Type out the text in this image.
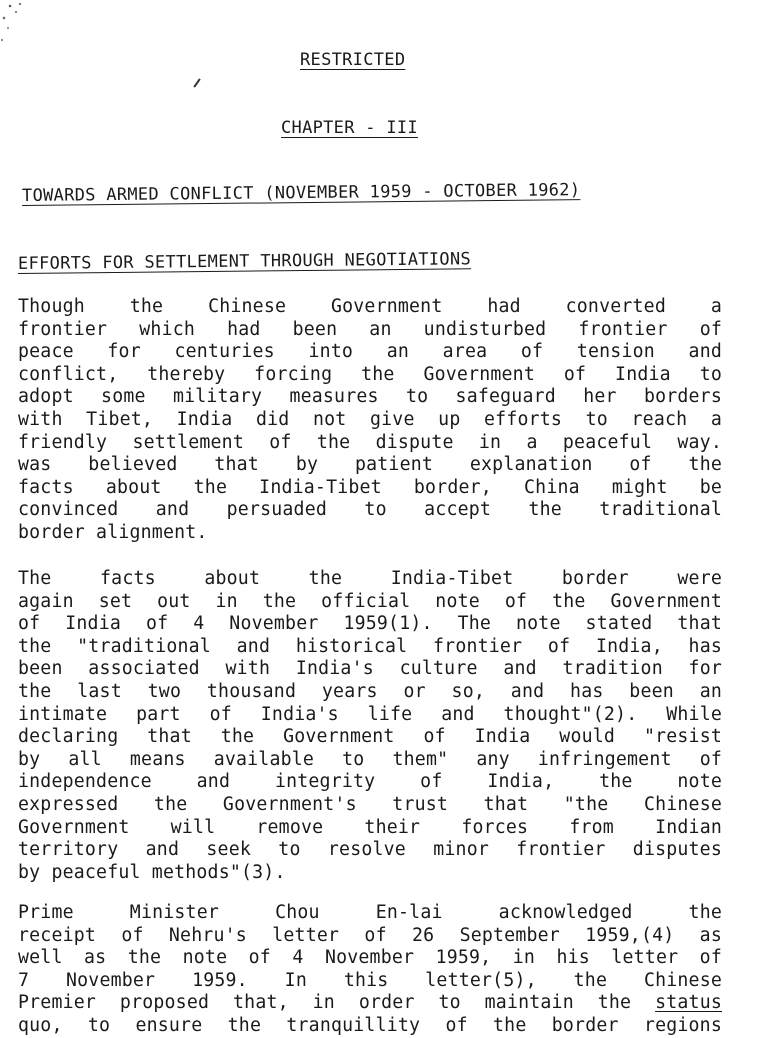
RESTRICTED
CHAPTER - III
TOWARDS ARMED CONFLICT (NOVEMBER 1959 - OCTOBER 1962)
EFFORTS FOR SETTLEMENT THROUGH NEGOTIATIONS
Though the Chinese Government had converted a
frontier which had been an undisturbed frontier of
peace for centuries into an area of tension and
conflict, thereby forcing the Government of India to
adopt some military measures to safeguard her borders
with Tibet, India did not give up efforts to reach a
friendly settlement of the dispute in a peaceful way.
was believed that by patient explanation of the
facts about the India-Tibet border, China might be
convinced and persuaded to accept the traditional
border alignment.
The facts about the India-Tibet border were
again set out in the official note of the Government
of India of 4 November 1959(1). The note stated that
the "traditional and historical frontier of India, has
been associated with India's culture and tradition for
the last two thousand years or so, and has been an
intimate part of India's life and thought"(2). While
declaring that the Government of India would "resist
by all means available to them" any infringement of
independence and integrity of India, the note
expressed the Government's trust that "the Chinese
Government will remove their forces from Indian
territory and seek to resolve minor frontier disputes
by peaceful methods"(3).
Prime Minister Chou En-lai acknowledged the
receipt of Nehru's letter of 26 September 1959,(4) as
well as the note of 4 November 1959, in his letter of
7 November 1959. In this letter(5), the Chinese
Premier proposed that, in order to maintain the status
quo, to ensure the tranquillity of the border regions
